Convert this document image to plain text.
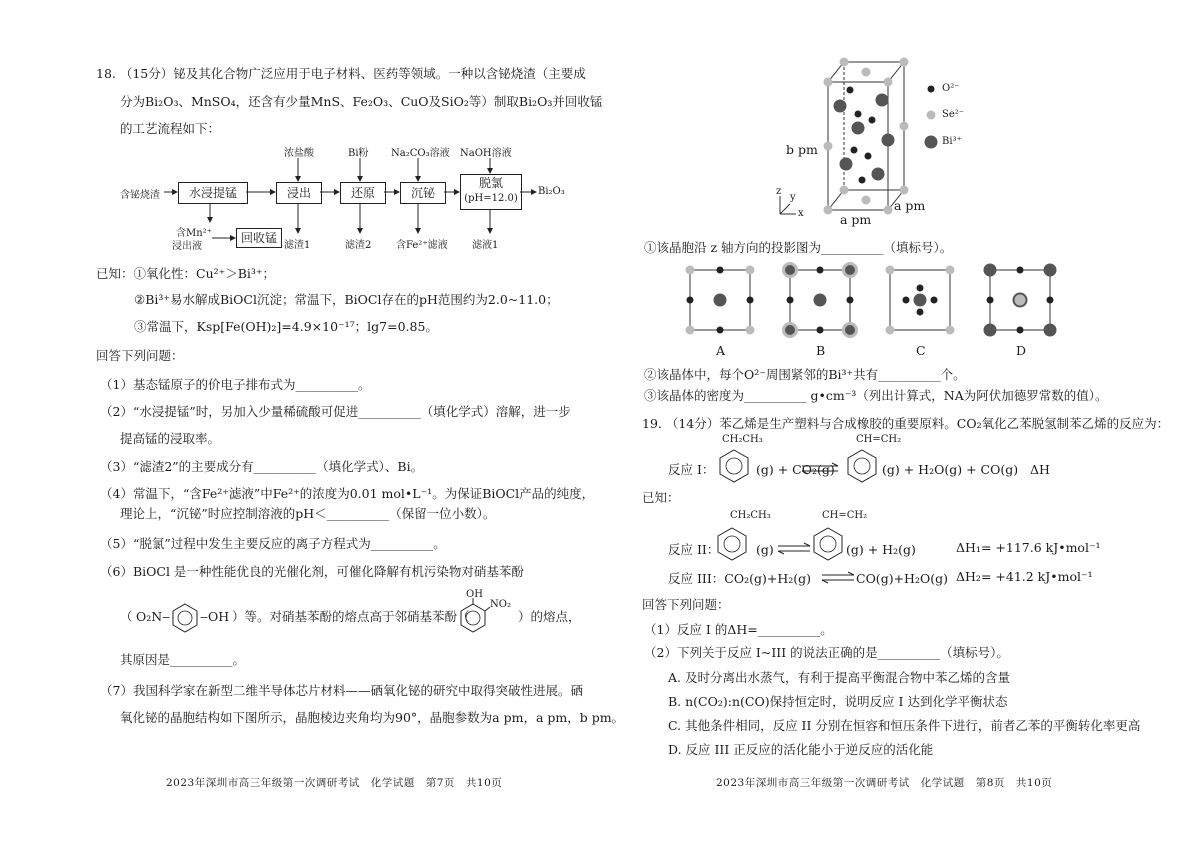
18. （15分）铋及其化合物广泛应用于电子材料、医药等领域。一种以含铋烧渣（主要成
分为Bi₂O₃、MnSO₄，还含有少量MnS、Fe₂O₃、CuO及SiO₂等）制取Bi₂O₃并回收锰
的工艺流程如下：
浓盐酸	Bi粉 Na₂CO₃溶液 NaOH溶液
含铋烧渣	水浸提锰	浸出	还原	沉铋
脱氯
(pH=12.0)
Bi₂O₃
含Mn²⁺
浸出液
回收锰
滤渣1	滤渣2 含Fe²⁺滤液 滤液1
已知：①氧化性：Cu²⁺＞Bi³⁺；
②Bi³⁺易水解成BiOCl沉淀；常温下，BiOCl存在的pH范围约为2.0~11.0；
③常温下，Ksp[Fe(OH)₂]=4.9×10⁻¹⁷；lg7=0.85。
回答下列问题：
（1）基态锰原子的价电子排布式为__________。
（2）“水浸提锰”时，另加入少量稀硫酸可促进__________（填化学式）溶解，进一步
提高锰的浸取率。
（3）“滤渣2”的主要成分有__________（填化学式）、Bi。
（4）常温下，“含Fe²⁺滤液”中Fe²⁺的浓度为0.01 mol•L⁻¹。为保证BiOCl产品的纯度，
理论上，“沉铋”时应控制溶液的pH＜__________（保留一位小数）。
（5）“脱氯”过程中发生主要反应的离子方程式为__________。
（6）BiOCl 是一种性能优良的光催化剂，可催化降解有机污染物对硝基苯酚
（ O₂N‒ ‒OH ）等。对硝基苯酚的熔点高于邻硝基苯酚（
OH
NO₂
）的熔点，
其原因是__________。
（7）我国科学家在新型二维半导体芯片材料——硒氧化铋的研究中取得突破性进展。硒
氧化铋的晶胞结构如下图所示，晶胞棱边夹角均为90°，晶胞参数为a pm，a pm，b pm。
2023年深圳市高三年级第一次调研考试　化学试题　第7页　共10页
z
y
x
b pm
a pm
a pm
O²⁻
Se²⁻
Bi³⁺
①该晶胞沿 z 轴方向的投影图为__________（填标号）。
A	B	C	D
②该晶体中，每个O²⁻周围紧邻的Bi³⁺共有__________个。
③该晶体的密度为__________ g•cm⁻³（列出计算式，NA为阿伏加德罗常数的值）。
19. （14分）苯乙烯是生产塑料与合成橡胶的重要原料。CO₂氧化乙苯脱氢制苯乙烯的反应为：
CH₂CH₃	CH=CH₂
反应 I：	(g) + CO₂(g)	(g) + H₂O(g) + CO(g) ΔH
已知：
CH₂CH₃	CH=CH₂
反应 II：	(g)	(g) + H₂(g)	ΔH₁= +117.6 kJ•mol⁻¹
反应 III：CO₂(g)+H₂(g)	CO(g)+H₂O(g) ΔH₂= +41.2 kJ•mol⁻¹
回答下列问题：
（1）反应 I 的ΔH=__________。
（2）下列关于反应 I~III 的说法正确的是__________（填标号）。
A. 及时分离出水蒸气，有利于提高平衡混合物中苯乙烯的含量
B. n(CO₂):n(CO)保持恒定时，说明反应 I 达到化学平衡状态
C. 其他条件相同，反应 II 分别在恒容和恒压条件下进行，前者乙苯的平衡转化率更高
D. 反应 III 正反应的活化能小于逆反应的活化能
2023年深圳市高三年级第一次调研考试　化学试题　第8页　共10页
